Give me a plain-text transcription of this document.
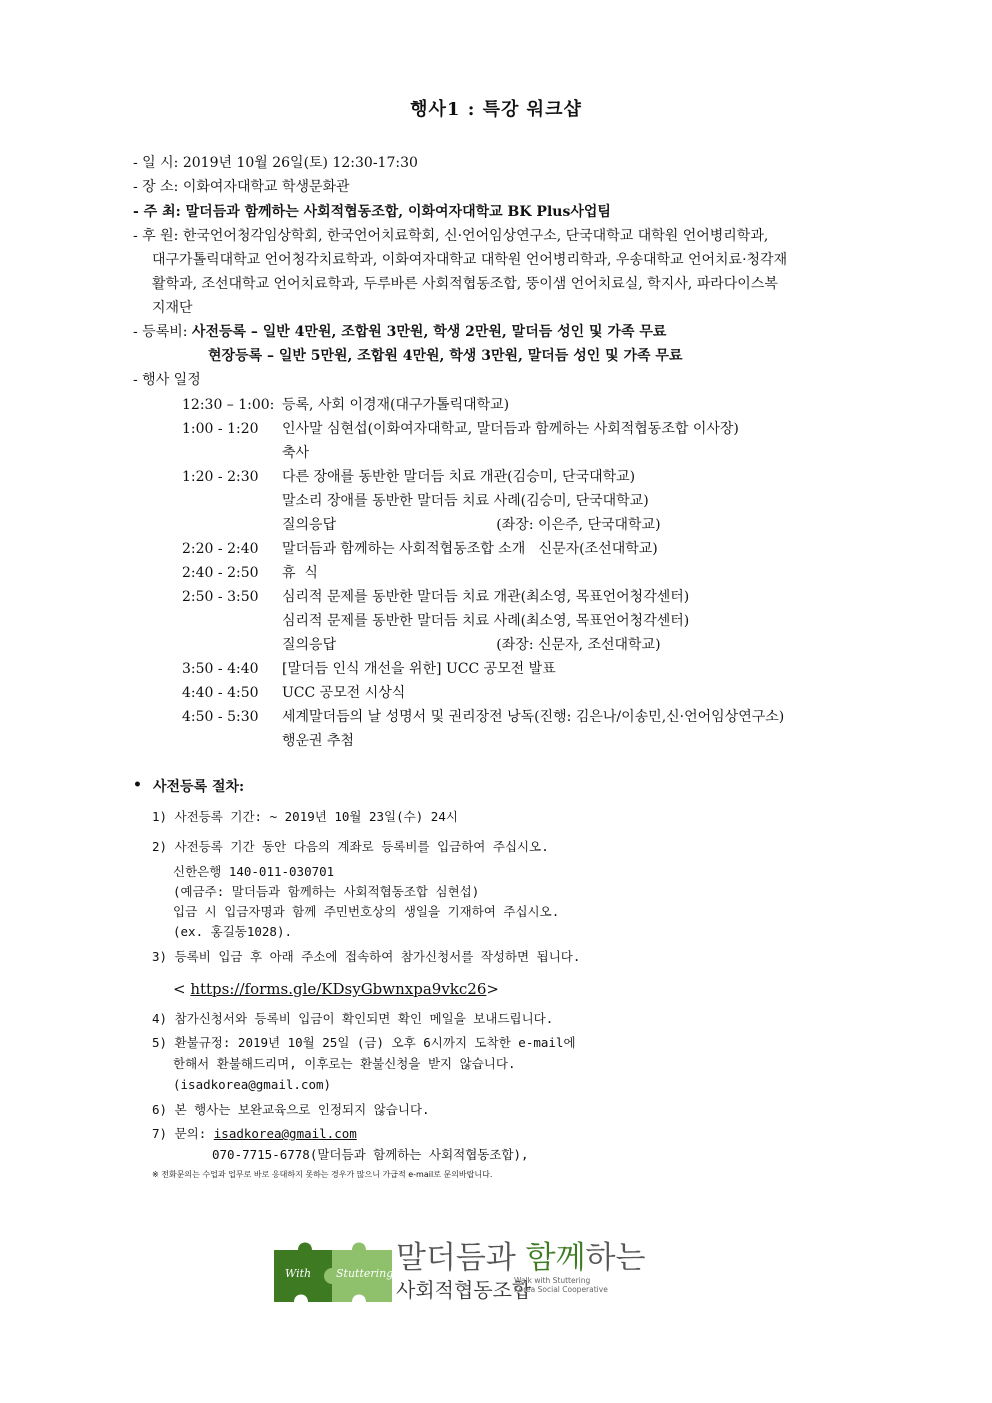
행사1 : 특강 워크샵
- 일 시: 2019년 10월 26일(토) 12:30-17:30
- 장 소: 이화여자대학교 학생문화관
- 주 최: 말더듬과 함께하는 사회적협동조합, 이화여자대학교 BK Plus사업팀
- 후 원: 한국언어청각임상학회, 한국언어치료학회, 신·언어임상연구소, 단국대학교 대학원 언어병리학과,
대구가톨릭대학교 언어청각치료학과, 이화여자대학교 대학원 언어병리학과, 우송대학교 언어치료·청각재
활학과, 조선대학교 언어치료학과, 두루바른 사회적협동조합, 뚱이샘 언어치료실, 학지사, 파라다이스복
지재단
- 등록비: 사전등록 – 일반 4만원, 조합원 3만원, 학생 2만원, 말더듬 성인 및 가족 무료
현장등록 – 일반 5만원, 조합원 4만원, 학생 3만원, 말더듬 성인 및 가족 무료
- 행사 일정
12:30 – 1:00: 등록, 사회 이경재(대구가톨릭대학교)
1:00 - 1:20 인사말 심현섭(이화여자대학교, 말더듬과 함께하는 사회적협동조합 이사장)
축사
1:20 - 2:30 다른 장애를 동반한 말더듬 치료 개관(김승미, 단국대학교)
말소리 장애를 동반한 말더듬 치료 사례(김승미, 단국대학교)
질의응답                                    (좌장: 이은주, 단국대학교)
2:20 - 2:40 말더듬과 함께하는 사회적협동조합 소개   신문자(조선대학교)
2:40 - 2:50 휴  식
2:50 - 3:50 심리적 문제를 동반한 말더듬 치료 개관(최소영, 목표언어청각센터)
심리적 문제를 동반한 말더듬 치료 사례(최소영, 목표언어청각센터)
질의응답                                    (좌장: 신문자, 조선대학교)
3:50 - 4:40 [말더듬 인식 개선을 위한] UCC 공모전 발표
4:40 - 4:50 UCC 공모전 시상식
4:50 - 5:30 세계말더듬의 날 성명서 및 권리장전 낭독(진행: 김은나/이송민,신·언어임상연구소)
행운권 추첨
• 사전등록 절차:
1) 사전등록 기간: ~ 2019년 10월 23일(수) 24시
2) 사전등록 기간 동안 다음의 계좌로 등록비를 입금하여 주십시오.
신한은행 140-011-030701
(예금주: 말더듬과 함께하는 사회적협동조합 심현섭)
입금 시 입금자명과 함께 주민번호상의 생일을 기재하여 주십시오.
(ex. 홍길동1028).
3) 등록비 입금 후 아래 주소에 접속하여 참가신청서를 작성하면 됩니다.
< https://forms.gle/KDsyGbwnxpa9vkc26>
4) 참가신청서와 등록비 입금이 확인되면 확인 메일을 보내드립니다.
5) 환불규정: 2019년 10월 25일 (금) 오후 6시까지 도착한 e-mail에
한해서 환불해드리며, 이후로는 환불신청을 받지 않습니다.
(isadkorea@gmail.com)
6) 본 행사는 보완교육으로 인정되지 않습니다.
7) 문의: isadkorea@gmail.com
070-7715-6778(말더듬과 함께하는 사회적협동조합),
※ 전화문의는 수업과 업무로 바로 응대하지 못하는 경우가 많으니 가급적 e-mail로 문의바랍니다.
With Stuttering 말더듬과 함께하는
사회적협동조합
Walk with Stuttering
Korea Social Cooperative
